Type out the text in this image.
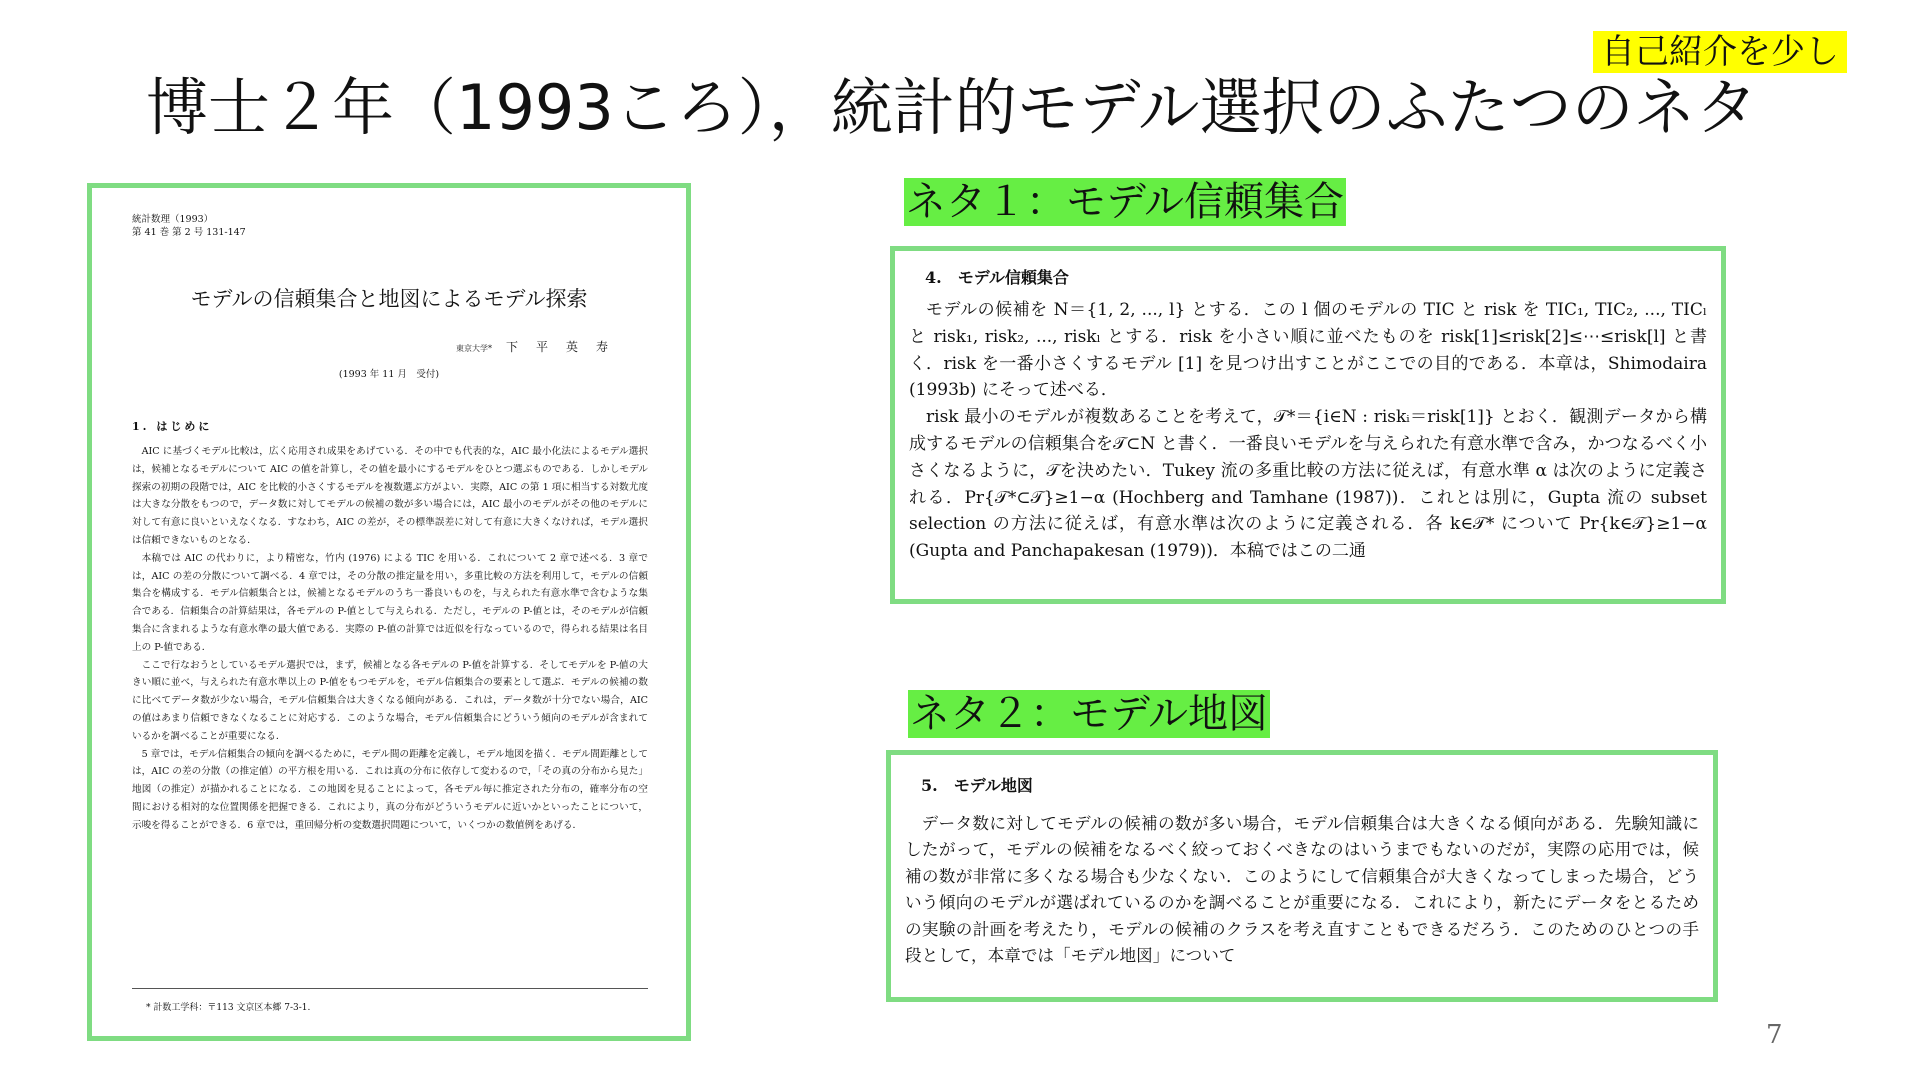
自己紹介を少し
博士２年（1993ころ），統計的モデル選択のふたつのネタ
統計数理（1993）
第 41 巻 第 2 号 131-147
モデルの信頼集合と地図によるモデル探索
東京大学* 下平英寿
(1993 年 11 月　受付)
1. はじめに

AIC に基づくモデル比較は，広く応用され成果をあげている．その中でも代表的な，AIC 最小化法によるモデル選択は，候補となるモデルについて AIC の値を計算し，その値を最小にするモデルをひとつ選ぶものである．しかしモデル探索の初期の段階では，AIC を比較的小さくするモデルを複数選ぶ方がよい．実際，AIC の第 1 項に相当する対数尤度は大きな分散をもつので，データ数に対してモデルの候補の数が多い場合には，AIC 最小のモデルがその他のモデルに対して有意に良いといえなくなる．すなわち，AIC の差が，その標準誤差に対して有意に大きくなければ，モデル選択は信頼できないものとなる．

本稿では AIC の代わりに，より精密な，竹内 (1976) による TIC を用いる．これについて 2 章で述べる．3 章では，AIC の差の分散について調べる．4 章では，その分散の推定量を用い，多重比較の方法を利用して，モデルの信頼集合を構成する．モデル信頼集合とは，候補となるモデルのうち一番良いものを，与えられた有意水準で含むような集合である．信頼集合の計算結果は，各モデルの P-値として与えられる．ただし，モデルの P-値とは，そのモデルが信頼集合に含まれるような有意水準の最大値である．実際の P-値の計算では近似を行なっているので，得られる結果は名目上の P-値である．

ここで行なおうとしているモデル選択では，まず，候補となる各モデルの P-値を計算する．そしてモデルを P-値の大きい順に並べ，与えられた有意水準以上の P-値をもつモデルを，モデル信頼集合の要素として選ぶ．モデルの候補の数に比べてデータ数が少ない場合，モデル信頼集合は大きくなる傾向がある．これは，データ数が十分でない場合，AIC の値はあまり信頼できなくなることに対応する．このような場合，モデル信頼集合にどういう傾向のモデルが含まれているかを調べることが重要になる．

5 章では，モデル信頼集合の傾向を調べるために，モデル間の距離を定義し，モデル地図を描く．モデル間距離としては，AIC の差の分散（の推定値）の平方根を用いる．これは真の分布に依存して変わるので，「その真の分布から見た」地図（の推定）が描かれることになる．この地図を見ることによって，各モデル毎に推定された分布の，確率分布の空間における相対的な位置関係を把握できる．これにより，真の分布がどういうモデルに近いかといったことについて，示唆を得ることができる．6 章では，重回帰分析の変数選択問題について，いくつかの数値例をあげる．

* 計数工学科：〒113 文京区本郷 7-3-1.
ネタ１：モデル信頼集合
4.　モデル信頼集合

モデルの候補を N＝{1, 2, ..., l} とする．この l 個のモデルの TIC と risk を TIC₁, TIC₂, ..., TICₗ と risk₁, risk₂, ..., riskₗ とする．risk を小さい順に並べたものを risk[1]≤risk[2]≤⋯≤risk[l] と書く．risk を一番小さくするモデル [1] を見つけ出すことがここでの目的である．本章は，Shimodaira (1993b) にそって述べる．

risk 最小のモデルが複数あることを考えて，𝒯*＝{i∈N : riskᵢ＝risk[1]} とおく．観測データから構成するモデルの信頼集合を𝒯⊂N と書く．一番良いモデルを与えられた有意水準で含み，かつなるべく小さくなるように，𝒯を決めたい．Tukey 流の多重比較の方法に従えば，有意水準 α は次のように定義される．Pr{𝒯*⊂𝒯}≥1−α (Hochberg and Tamhane (1987))．これとは別に，Gupta 流の subset selection の方法に従えば，有意水準は次のように定義される．各 k∈𝒯* について Pr{k∈𝒯}≥1−α (Gupta and Panchapakesan (1979))．本稿ではこの二通

ネタ２：モデル地図
5.　モデル地図

データ数に対してモデルの候補の数が多い場合，モデル信頼集合は大きくなる傾向がある．先験知識にしたがって，モデルの候補をなるべく絞っておくべきなのはいうまでもないのだが，実際の応用では，候補の数が非常に多くなる場合も少なくない．このようにして信頼集合が大きくなってしまった場合，どういう傾向のモデルが選ばれているのかを調べることが重要になる．これにより，新たにデータをとるための実験の計画を考えたり，モデルの候補のクラスを考え直すこともできるだろう．このためのひとつの手段として，本章では「モデル地図」について

7
